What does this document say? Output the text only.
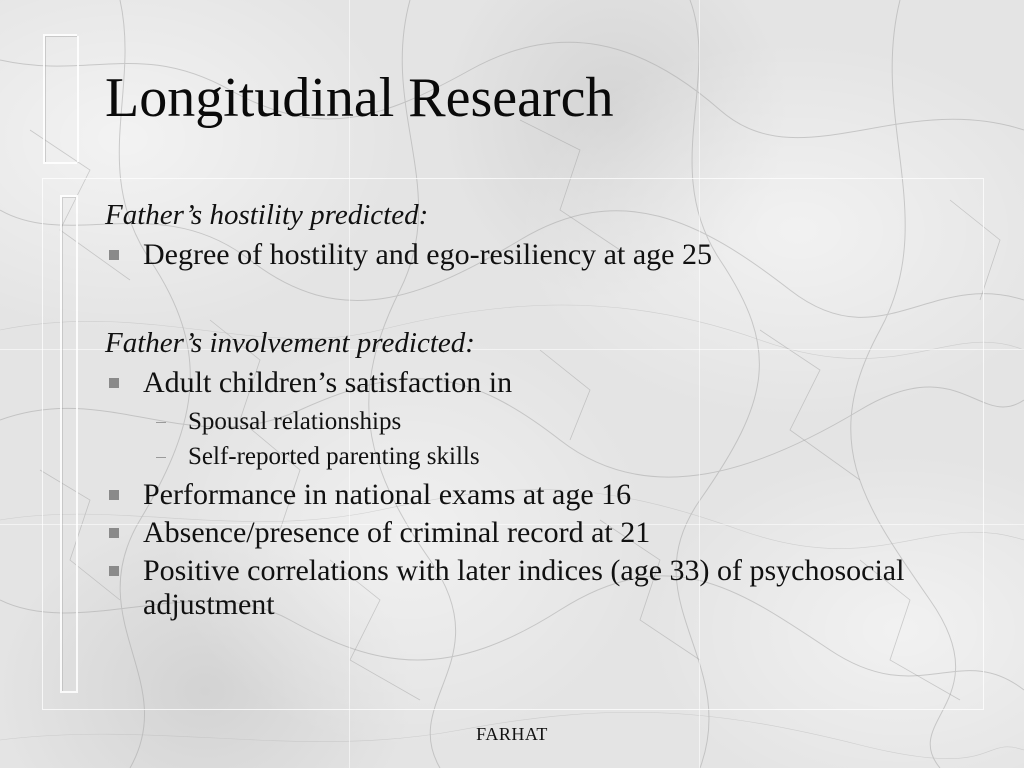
Longitudinal Research

Father’s hostility predicted:

Degree of hostility and ego-resiliency at age 25

Father’s involvement predicted:

Adult children’s satisfaction in
Spousal relationships
Self-reported parenting skills
Performance in national exams at age 16
Absence/presence of criminal record at 21
Positive correlations with later indices (age 33) of psychosocial adjustment
FARHAT
